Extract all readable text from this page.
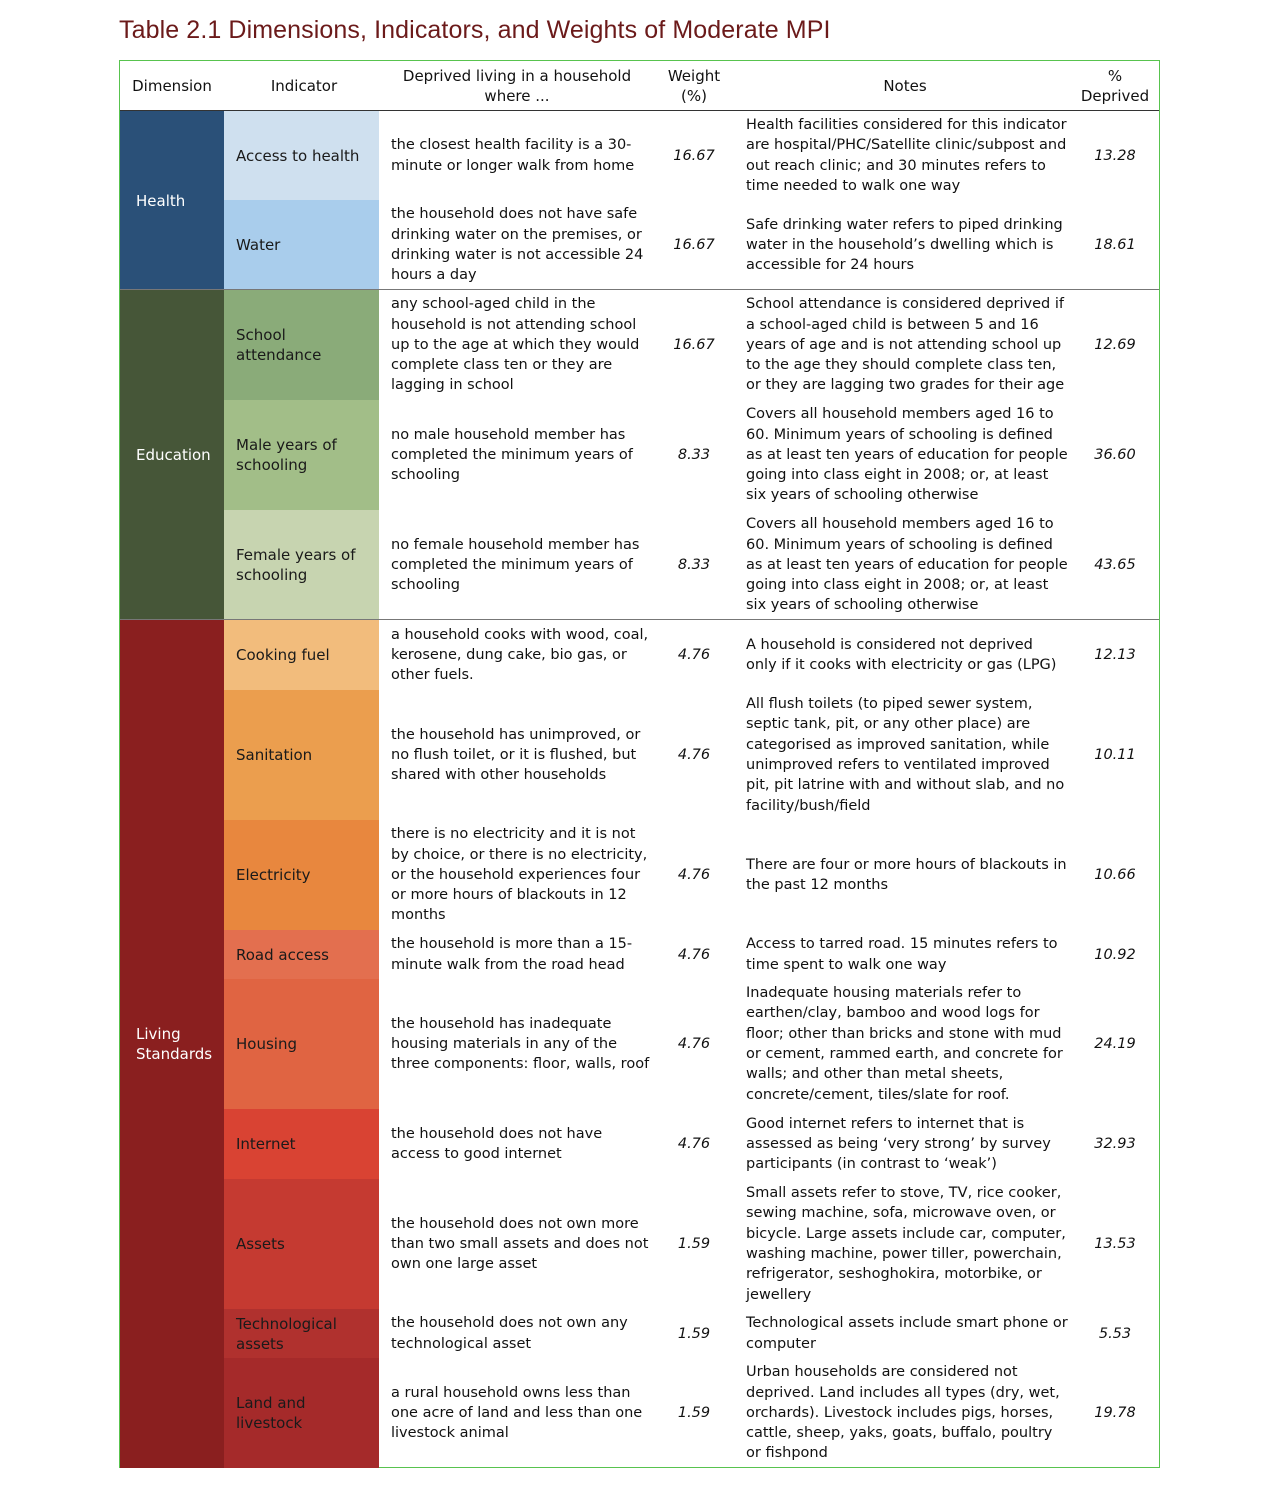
Table 2.1 Dimensions, Indicators, and Weights of Moderate MPI
Dimension	Indicator
Deprived living in a household where ...
Weight (%)
Notes
% Deprived
Health
Education
Living Standards
Access to health
the closest health facility is a 30-minute or longer walk from home
16.67
Health facilities considered for this indicator are hospital/PHC/Satellite clinic/subpost and out reach clinic; and 30 minutes refers to time needed to walk one way
13.28
Water
the household does not have safe drinking water on the premises, or drinking water is not accessible 24 hours a day
16.67
Safe drinking water refers to piped drinking water in the household’s dwelling which is accessible for 24 hours
18.61
School attendance
any school-aged child in the household is not attending school up to the age at which they would complete class ten or they are lagging in school
16.67
School attendance is considered deprived if a school-aged child is between 5 and 16 years of age and is not attending school up to the age they should complete class ten, or they are lagging two grades for their age
12.69
Male years of schooling
no male household member has completed the minimum years of schooling
8.33
Covers all household members aged 16 to 60. Minimum years of schooling is defined as at least ten years of education for people going into class eight in 2008; or, at least six years of schooling otherwise
36.60
Female years of schooling
no female household member has completed the minimum years of schooling
8.33
Covers all household members aged 16 to 60. Minimum years of schooling is defined as at least ten years of education for people going into class eight in 2008; or, at least six years of schooling otherwise
43.65
Cooking fuel
a household cooks with wood, coal, kerosene, dung cake, bio gas, or other fuels.
4.76
A household is considered not deprived only if it cooks with electricity or gas (LPG)
12.13
Sanitation
the household has unimproved, or no flush toilet, or it is flushed, but shared with other households
4.76
All flush toilets (to piped sewer system, septic tank, pit, or any other place) are categorised as improved sanitation, while unimproved refers to ventilated improved pit, pit latrine with and without slab, and no facility/bush/field
10.11
Electricity
there is no electricity and it is not by choice, or there is no electricity, or the household experiences four or more hours of blackouts in 12 months
4.76
There are four or more hours of blackouts in the past 12 months
10.66
Road access
the household is more than a 15-minute walk from the road head
4.76
Access to tarred road. 15 minutes refers to time spent to walk one way
10.92
Housing
the household has inadequate housing materials in any of the three components: floor, walls, roof
4.76
Inadequate housing materials refer to earthen/clay, bamboo and wood logs for floor; other than bricks and stone with mud or cement, rammed earth, and concrete for walls; and other than metal sheets, concrete/cement, tiles/slate for roof.
24.19
Internet
the household does not have access to good internet
4.76
Good internet refers to internet that is assessed as being ‘very strong’ by survey participants (in contrast to ‘weak’)
32.93
Assets
the household does not own more than two small assets and does not own one large asset
1.59
Small assets refer to stove, TV, rice cooker, sewing machine, sofa, microwave oven, or bicycle. Large assets include car, computer, washing machine, power tiller, powerchain, refrigerator, seshoghokira, motorbike, or jewellery
13.53
Technological assets
the household does not own any technological asset
1.59
Technological assets include smart phone or computer
5.53
Land and livestock
a rural household owns less than one acre of land and less than one livestock animal
1.59
Urban households are considered not deprived. Land includes all types (dry, wet, orchards). Livestock includes pigs, horses, cattle, sheep, yaks, goats, buffalo, poultry or fishpond
19.78
